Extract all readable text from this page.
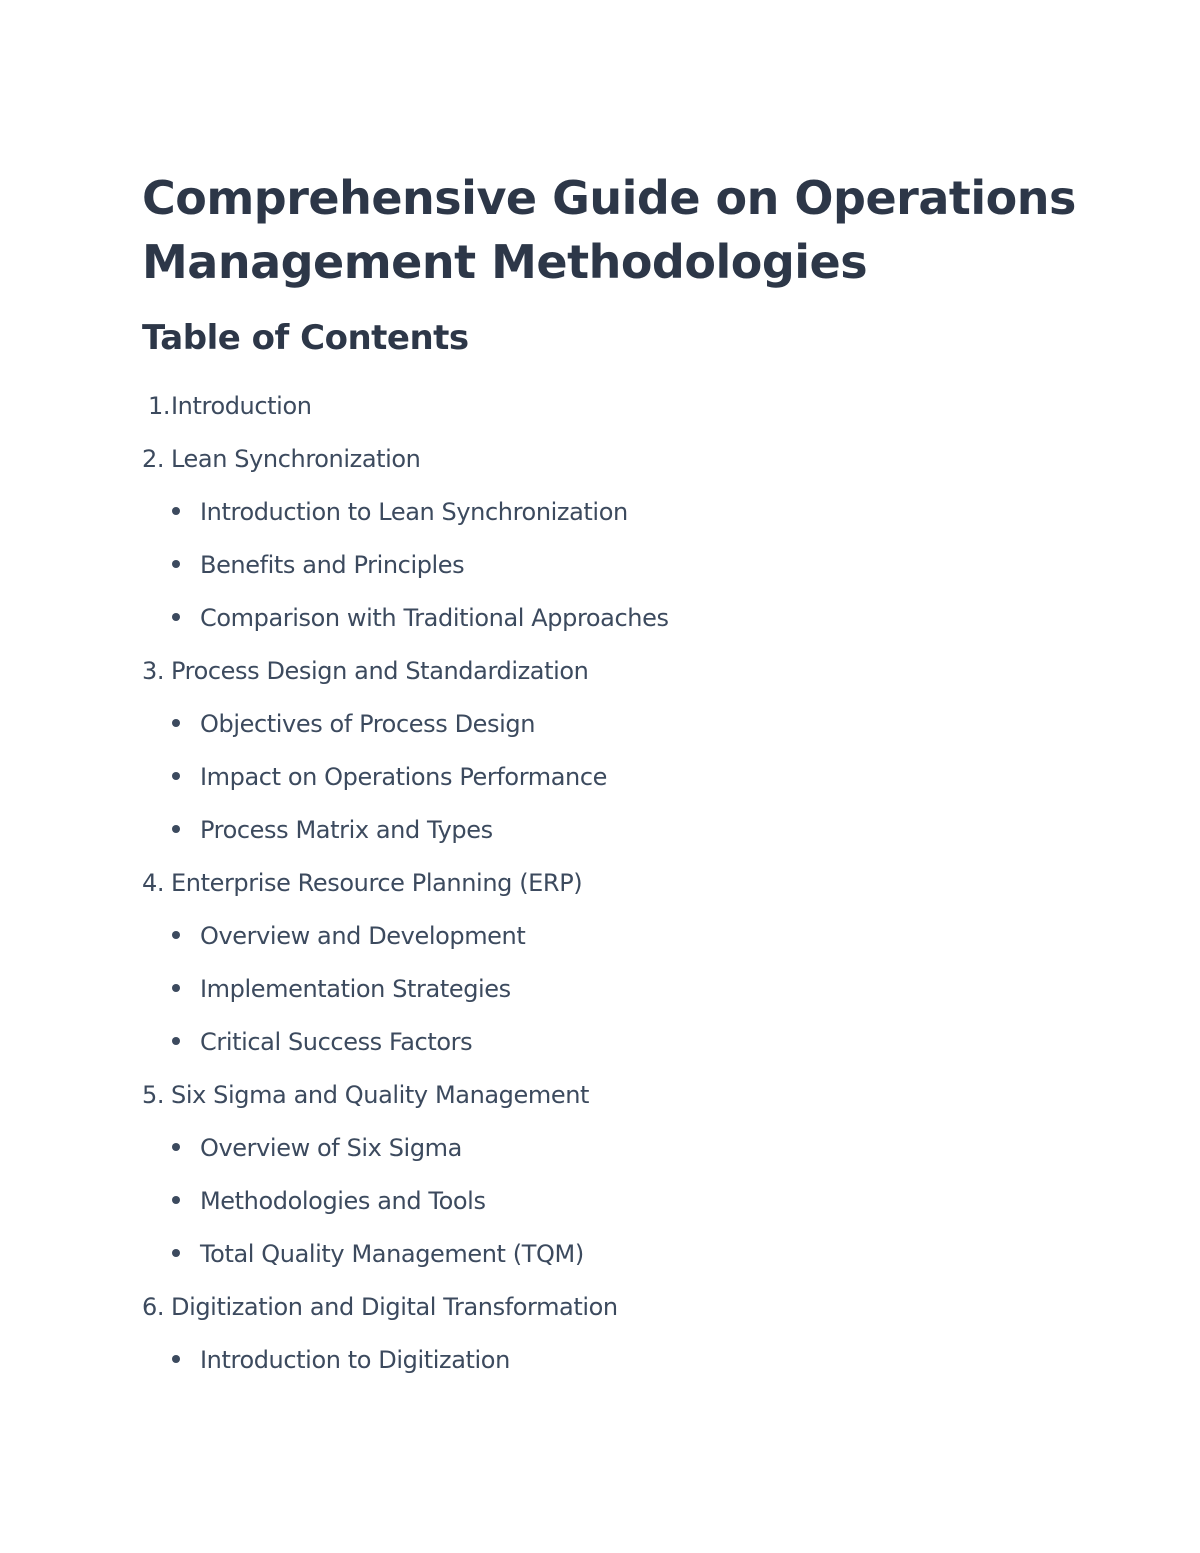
Comprehensive Guide on Operations Management Methodologies
Table of Contents
1.Introduction
2. Lean Synchronization
Introduction to Lean Synchronization
Benefits and Principles
Comparison with Traditional Approaches
3. Process Design and Standardization
Objectives of Process Design
Impact on Operations Performance
Process Matrix and Types
4. Enterprise Resource Planning (ERP)
Overview and Development
Implementation Strategies
Critical Success Factors
5. Six Sigma and Quality Management
Overview of Six Sigma
Methodologies and Tools
Total Quality Management (TQM)
6. Digitization and Digital Transformation
Introduction to Digitization
